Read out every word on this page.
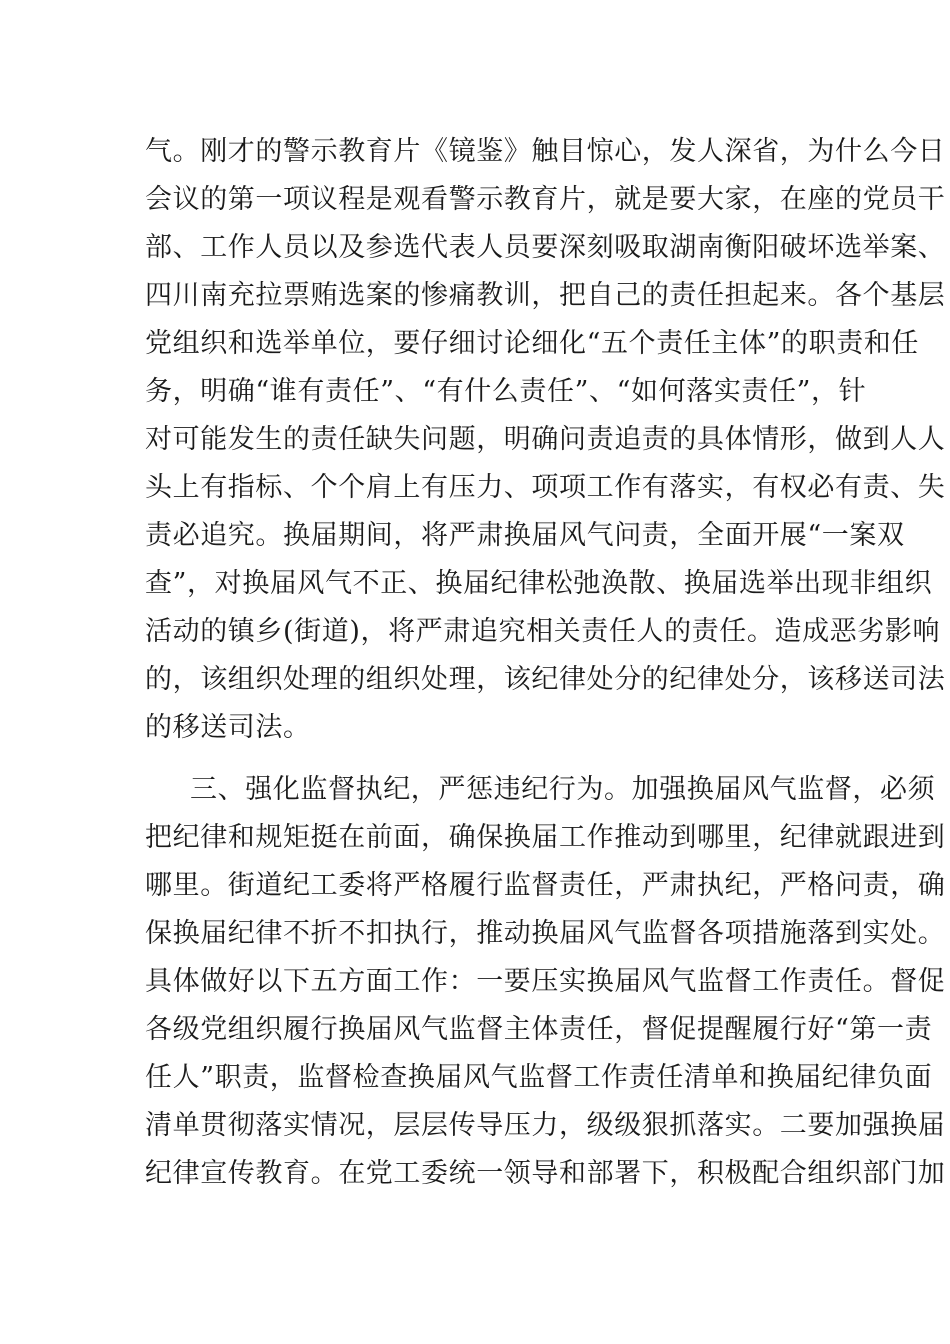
气。刚才的警示教育片《镜鉴》触目惊心，发人深省，为什么今日
会议的第一项议程是观看警示教育片，就是要大家，在座的党员干
部、工作人员以及参选代表人员要深刻吸取湖南衡阳破坏选举案、
四川南充拉票贿选案的惨痛教训，把自己的责任担起来。各个基层
党组织和选举单位，要仔细讨论细化“五个责任主体”的职责和任
务，明确“谁有责任”、“有什么责任”、“如何落实责任”，针
对可能发生的责任缺失问题，明确问责追责的具体情形，做到人人
头上有指标、个个肩上有压力、项项工作有落实，有权必有责、失
责必追究。换届期间，将严肃换届风气问责，全面开展“一案双
查”，对换届风气不正、换届纪律松弛涣散、换届选举出现非组织
活动的镇乡(街道)，将严肃追究相关责任人的责任。造成恶劣影响
的，该组织处理的组织处理，该纪律处分的纪律处分，该移送司法
的移送司法。
三、强化监督执纪，严惩违纪行为。加强换届风气监督，必须
把纪律和规矩挺在前面，确保换届工作推动到哪里，纪律就跟进到
哪里。街道纪工委将严格履行监督责任，严肃执纪，严格问责，确
保换届纪律不折不扣执行，推动换届风气监督各项措施落到实处。
具体做好以下五方面工作：一要压实换届风气监督工作责任。督促
各级党组织履行换届风气监督主体责任，督促提醒履行好“第一责
任人”职责，监督检查换届风气监督工作责任清单和换届纪律负面
清单贯彻落实情况，层层传导压力，级级狠抓落实。二要加强换届
纪律宣传教育。在党工委统一领导和部署下，积极配合组织部门加
